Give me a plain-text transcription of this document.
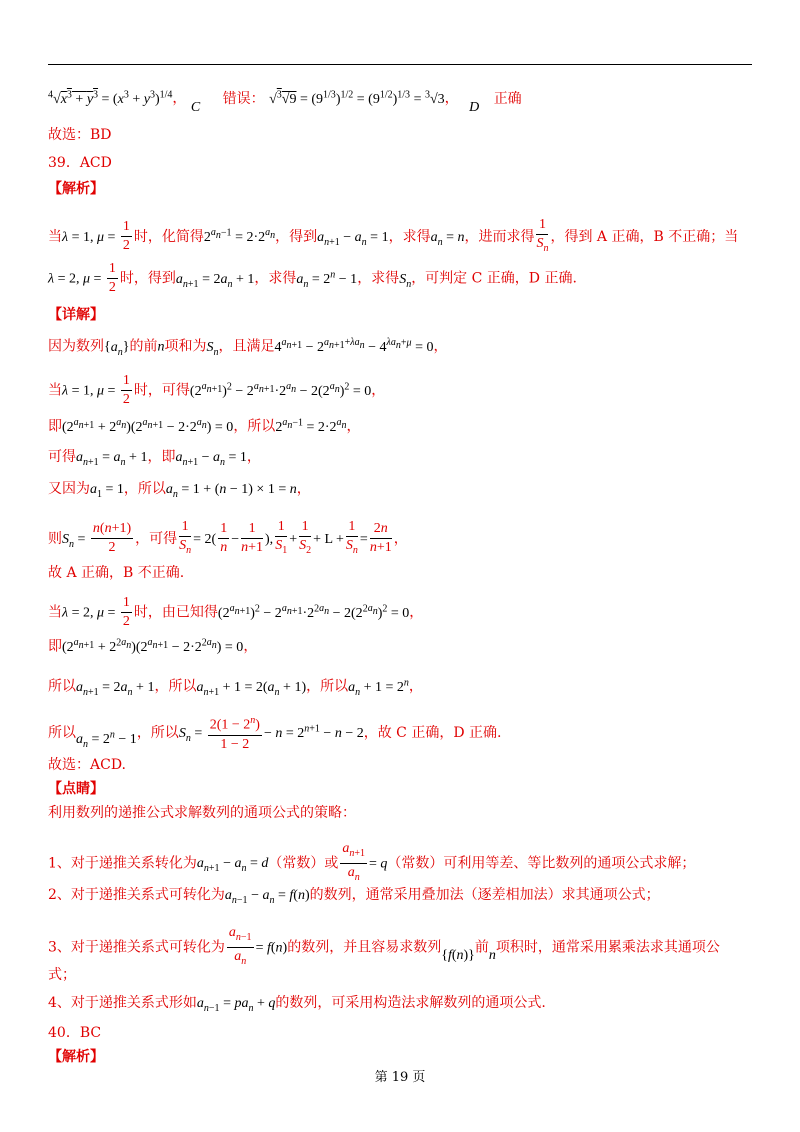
$^4√x^3 + y^3 = (x^3 + y^3)^{1/4}$， C 错误： $√^3√9 = (9^{1/3})^{1/2} = (9^{1/2})^{1/3} = ^3√3$， D 正确
故选：BD
39．ACD
【解析】
当λ = 1, $\mu = \frac{1}{2}$ 时，化简得$2^{a_n-1} = 2\cdot 2^{a_n}$，得到$a_{n+1} - a_n = 1$，求得$a_n = n$，进而求得 $\frac{1}{S_n}$ ，得到 A 正确，B 不正确；当
λ = 2, $\mu = \frac{1}{2}$ 时，得到$a_{n+1} = 2a_n + 1$，求得$a_n = 2^n - 1$，求得$S_n$，可判定 C 正确，D 正确.
【详解】
因为数列$\{a_n\}$的前n项和为$S_n$，且满足$4^{a_{n+1}} - 2^{a_{n+1}+\lambda a_n} - 4^{\lambda a_n+\mu} = 0$，
当λ = 1, $\mu = \frac{1}{2}$ 时，可得$(2^{a_{n+1}})^2 - 2^{a_{n+1}}\cdot 2^{a_n} - 2(2^{a_n})^2 = 0$，
即$(2^{a_{n+1}} + 2^{a_n})(2^{a_{n+1}} - 2\cdot 2^{a_n}) = 0$，所以$2^{a_n-1} = 2\cdot 2^{a_n}$，
可得$a_{n+1} = a_n + 1$，即$a_{n+1} - a_n = 1$，
又因为$a_1 = 1$，所以$a_n = 1 + (n - 1) \times 1 = n$，
则$S_n = \frac{n(n+1)}{2}$ ，可得 $\frac{1}{S_n} = 2( \frac{1}{n} - \frac{1}{n+1}$ ), $\frac{1}{S_1} + \frac{1}{S_2} + L + \frac{1}{S_n} = \frac{2n}{n+1}$ ，
故 A 正确，B 不正确.
当λ = 2, $\mu = \frac{1}{2}$ 时，由已知得$(2^{a_{n+1}})^2 - 2^{a_{n+1}}\cdot 2^{2a_n} - 2(2^{2a_n})^2 = 0$，
即$(2^{a_{n+1}} + 2^{2a_n})(2^{a_{n+1}} - 2\cdot 2^{2a_n}) = 0$，
所以$a_{n+1} = 2a_n + 1$，所以$a_{n+1} + 1 = 2(a_n + 1)$，所以$a_n + 1 = 2^n$，
所以$a_n = 2^n - 1$，所以$S_n = \frac{2(1 - 2^n)}{1 - 2} - n = 2^{n+1} - n - 2$，故 C 正确，D 正确.
故选：ACD.
【点睛】
利用数列的递推公式求解数列的通项公式的策略：
1、对于递推关系转化为$a_{n+1} - a_n = d$（常数）或 $\frac{a_{n+1}}{a_n} = q$（常数）可利用等差、等比数列的通项公式求解；
2、对于递推关系式可转化为$a_{n-1} - a_n = f(n)$的数列，通常采用叠加法（逐差相加法）求其通项公式；
3、对于递推关系式可转化为 $\frac{a_{n-1}}{a_n} = f(n)$的数列，并且容易求数列{f(n)}前n项积时，通常采用累乘法求其通项公
式；
4、对于递推关系式形如$a_{n-1} = pa_n + q$的数列，可采用构造法求解数列的通项公式.
40．BC
【解析】
第 19 页
